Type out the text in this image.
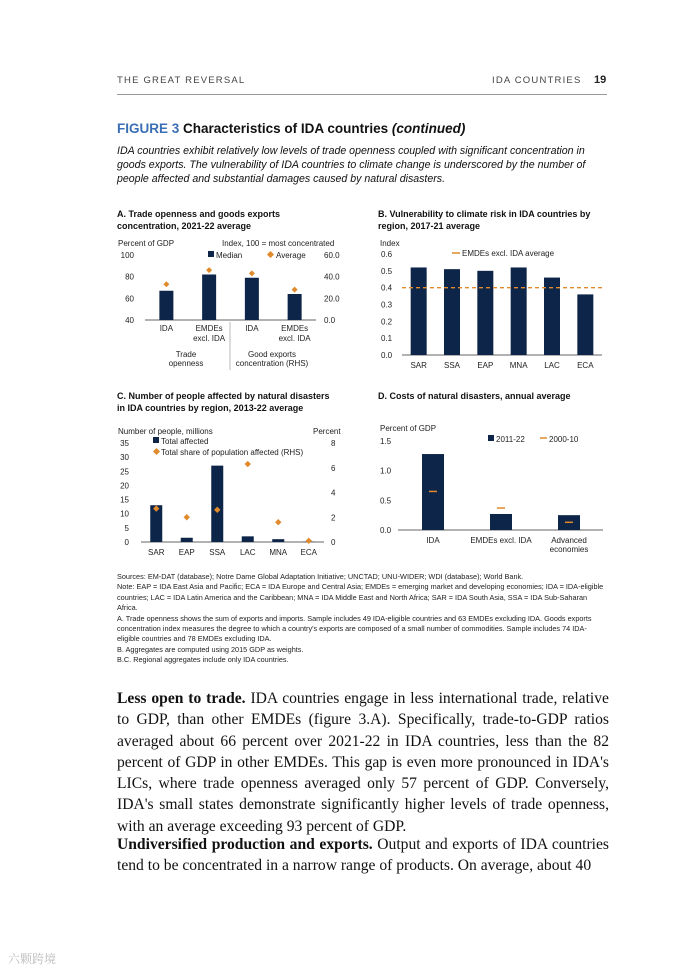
THE GREAT REVERSAL	IDA COUNTRIES 19
FIGURE 3 Characteristics of IDA countries (continued)
IDA countries exhibit relatively low levels of trade openness coupled with significant concentration in goods exports. The vulnerability of IDA countries to climate change is underscored by the number of people affected and substantial damages caused by natural disasters.
A. Trade openness and goods exports
concentration, 2021-22 average
B. Vulnerability to climate risk in IDA countries by
region, 2017-21 average
C. Number of people affected by natural disasters
in IDA countries by region, 2013-22 average
D. Costs of natural disasters, annual average
Percent of GDP	Index, 100 = most concentrated
Median	Average
Trade
openness
Good exports
concentration (RHS)
Index
EMDEs excl. IDA average
Number of people, millions	Percent
Total affected
Total share of population affected (RHS)
Percent of GDP
2011-22	2000-10
40
60
80
100
0.0
20.0
40.0
60.0
IDA	EMDEs
excl. IDA
IDA	EMDEs
excl. IDA
0.0
0.1
0.2
0.3
0.4
0.5
0.6
SAR SSA EAP MNA LAC ECA
0
5
10
15
20
25
30
35
0
2
4
6
8
SAR EAP SSA LAC MNA ECA
0.0
0.5
1.0
1.5
IDA	EMDEs excl. IDA Advanced
economies

Sources: EM-DAT (database); Notre Dame Global Adaptation Initiative; UNCTAD; UNU-WIDER; WDI (database); World Bank.

Note: EAP = IDA East Asia and Pacific; ECA = IDA Europe and Central Asia; EMDEs = emerging market and developing economies; IDA = IDA-eligible countries; LAC = IDA Latin America and the Caribbean; MNA = IDA Middle East and North Africa; SAR = IDA South Asia, SSA = IDA Sub-Saharan Africa.

A. Trade openness shows the sum of exports and imports. Sample includes 49 IDA-eligible countries and 63 EMDEs excluding IDA. Goods exports concentration index measures the degree to which a country's exports are composed of a small number of commodities. Sample includes 74 IDA-eligible countries and 78 EMDEs excluding IDA.

B. Aggregates are computed using 2015 GDP as weights.

B.C. Regional aggregates include only IDA countries.

Less open to trade. IDA countries engage in less international trade, relative to GDP, than other EMDEs (figure 3.A). Specifically, trade-to-GDP ratios averaged about 66 percent over 2021-22 in IDA countries, less than the 82 percent of GDP in other EMDEs. This gap is even more pronounced in IDA's LICs, where trade openness averaged only 57 percent of GDP. Conversely, IDA's small states demonstrate significantly higher levels of trade openness, with an average exceeding 93 percent of GDP.
Undiversified production and exports. Output and exports of IDA countries tend to be concentrated in a narrow range of products. On average, about 40
六颗跨境
